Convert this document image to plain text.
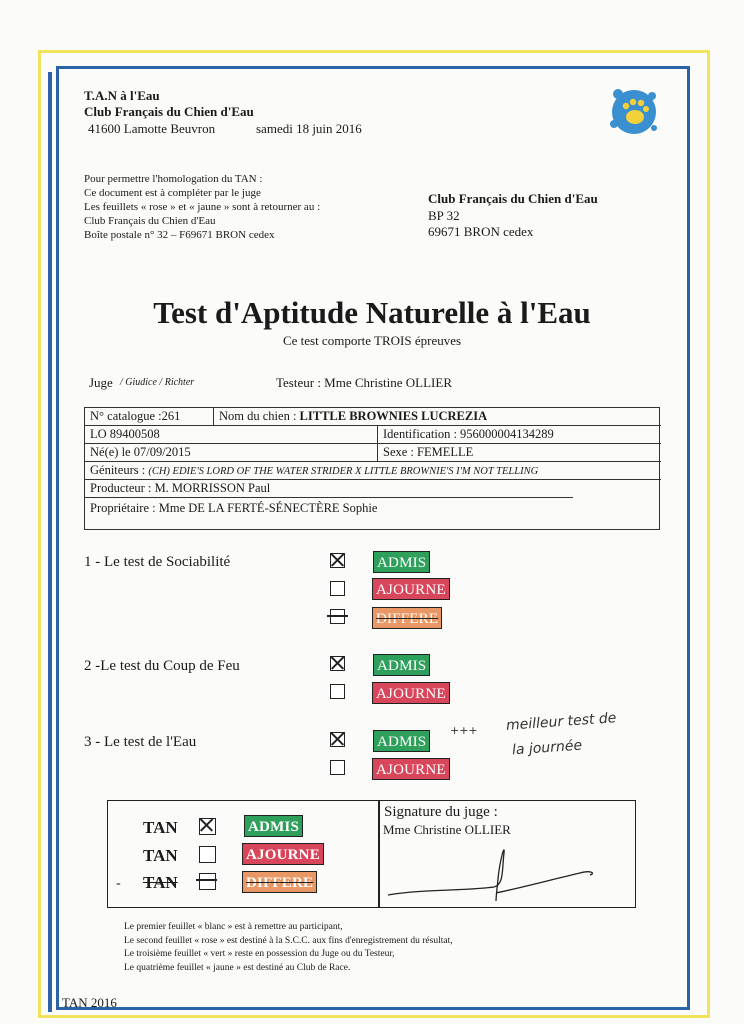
T.A.N à l'Eau
Club Français du Chien d'Eau
41600 Lamotte Beuvron	samedi 18 juin 2016
Pour permettre l'homologation du TAN :
Ce document est à compléter par le juge
Les feuillets « rose » et « jaune » sont à retourner au :
Club Français du Chien d'Eau
Boîte postale n° 32 – F69671 BRON cedex
Club Français du Chien d'Eau
BP 32
69671 BRON cedex
Test d'Aptitude Naturelle à l'Eau
Ce test comporte TROIS épreuves
Juge / Giudice / Richter	Testeur : Mme Christine OLLIER
N° catalogue :261	Nom du chien : LITTLE BROWNIES LUCREZIA
LO 89400508	Identification : 956000004134289
Né(e) le 07/09/2015	Sexe : FEMELLE
Géniteurs : (CH) EDIE'S LORD OF THE WATER STRIDER X LITTLE BROWNIE'S I'M NOT TELLING
Producteur : M. MORRISSON Paul
Propriétaire : Mme DE LA FERTÉ-SÉNECTÈRE Sophie
1 - Le test de Sociabilité	ADMIS
AJOURNE
DIFFERE
2 -Le test du Coup de Feu	ADMIS
AJOURNE
3 - Le test de l'Eau	ADMIS
AJOURNE
+++ meilleur test de
la journée
Signature du juge :
Mme Christine OLLIER
TAN	ADMIS
TAN	AJOURNE
- TAN	DIFFERE
Le premier feuillet « blanc » est à remettre au participant,
Le second feuillet « rose » est destiné à la S.C.C. aux fins d'enregistrement du résultat,
Le troisième feuillet « vert » reste en possession du Juge ou du Testeur,
Le quatrième feuillet « jaune » est destiné au Club de Race.
TAN 2016
